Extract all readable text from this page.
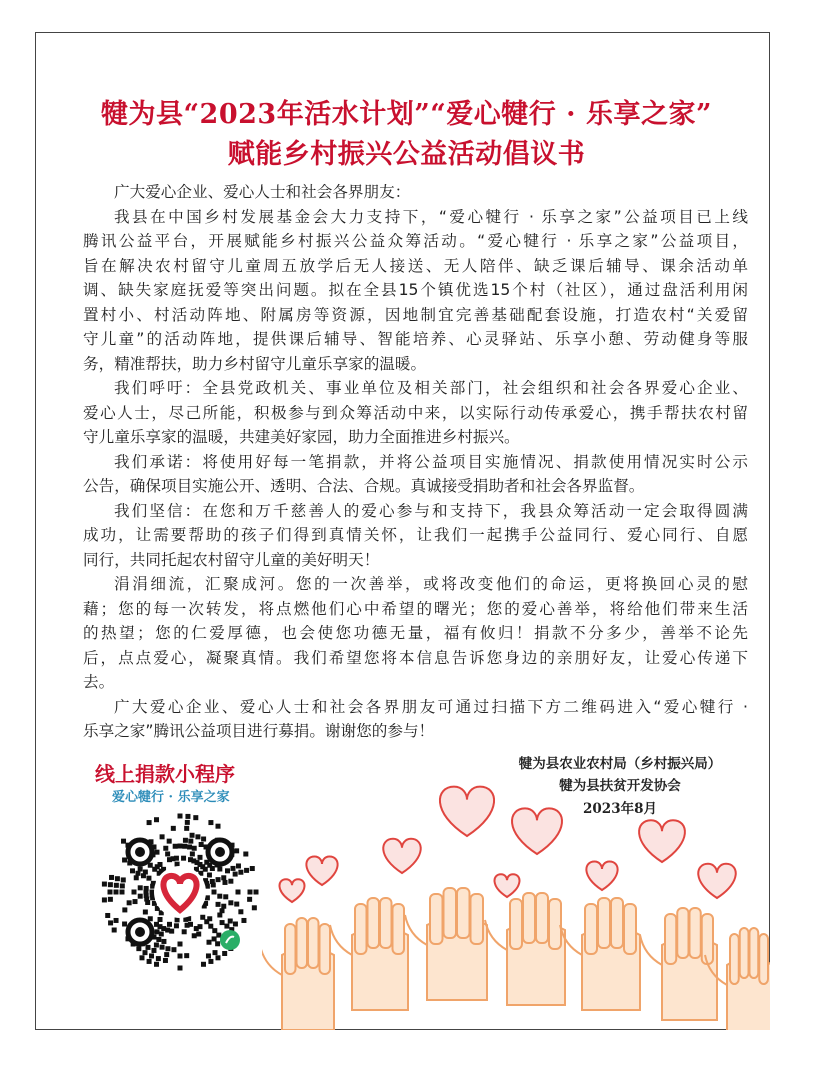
犍为县“2023年活水计划”“爱心犍行 · 乐享之家”
赋能乡村振兴公益活动倡议书
广大爱心企业、爱心人士和社会各界朋友：
我县在中国乡村发展基金会大力支持下，“爱心犍行 · 乐享之家”公益项目已上线
腾讯公益平台，开展赋能乡村振兴公益众筹活动。“爱心犍行 · 乐享之家”公益项目，
旨在解决农村留守儿童周五放学后无人接送、无人陪伴、缺乏课后辅导、课余活动单
调、缺失家庭抚爱等突出问题。拟在全县15个镇优选15个村（社区），通过盘活利用闲
置村小、村活动阵地、附属房等资源，因地制宜完善基础配套设施，打造农村“关爱留
守儿童”的活动阵地，提供课后辅导、智能培养、心灵驿站、乐享小憩、劳动健身等服
务，精准帮扶，助力乡村留守儿童乐享家的温暖。
我们呼吁：全县党政机关、事业单位及相关部门，社会组织和社会各界爱心企业、
爱心人士，尽己所能，积极参与到众筹活动中来，以实际行动传承爱心，携手帮扶农村留
守儿童乐享家的温暖，共建美好家园，助力全面推进乡村振兴。
我们承诺：将使用好每一笔捐款，并将公益项目实施情况、捐款使用情况实时公示
公告，确保项目实施公开、透明、合法、合规。真诚接受捐助者和社会各界监督。
我们坚信：在您和万千慈善人的爱心参与和支持下，我县众筹活动一定会取得圆满
成功，让需要帮助的孩子们得到真情关怀，让我们一起携手公益同行、爱心同行、自愿
同行，共同托起农村留守儿童的美好明天！
涓涓细流，汇聚成河。您的一次善举，或将改变他们的命运，更将换回心灵的慰
藉；您的每一次转发，将点燃他们心中希望的曙光；您的爱心善举，将给他们带来生活
的热望；您的仁爱厚德，也会使您功德无量，福有攸归！捐款不分多少，善举不论先
后，点点爱心，凝聚真情。我们希望您将本信息告诉您身边的亲朋好友，让爱心传递下
去。
广大爱心企业、爱心人士和社会各界朋友可通过扫描下方二维码进入“爱心犍行 ·
乐享之家”腾讯公益项目进行募捐。谢谢您的参与！
线上捐款小程序
爱心犍行 · 乐享之家
犍为县农业农村局（乡村振兴局）
犍为县扶贫开发协会
2023年8月
